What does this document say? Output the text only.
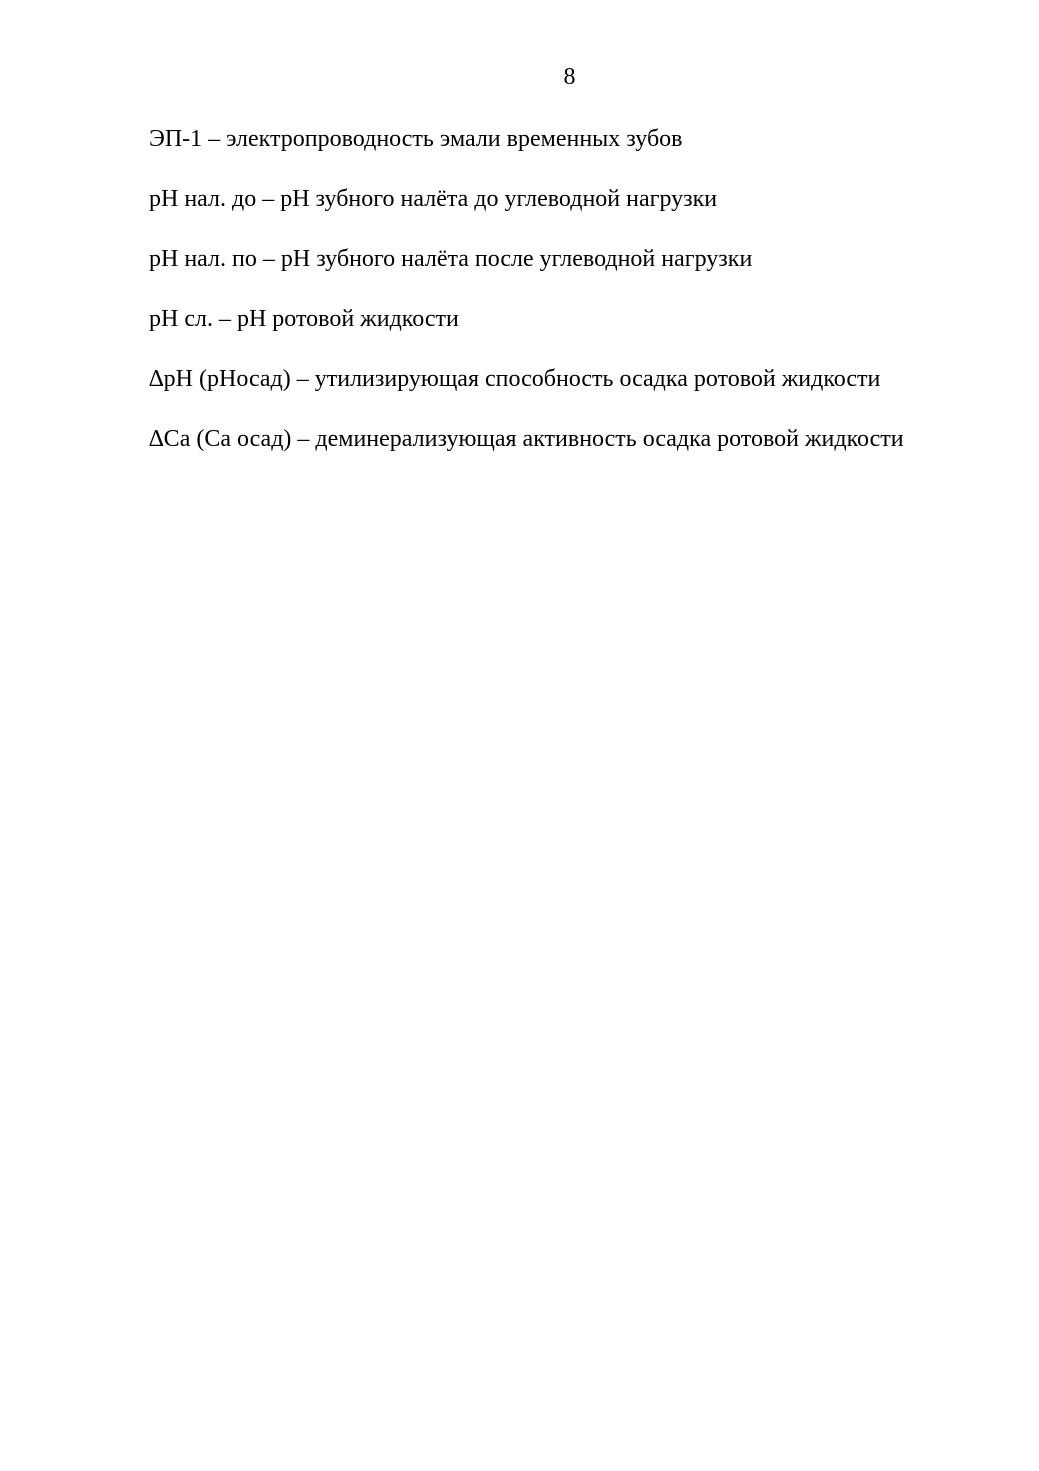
8
ЭП-1 – электропроводность эмали временных зубов
рН нал. до – рН зубного налёта до углеводной нагрузки
рН нал. по – рН зубного налёта после углеводной нагрузки
рН сл. – рН ротовой жидкости
∆рН (рНосад) – утилизирующая способность осадка ротовой жидкости
∆Са (Са осад) – деминерализующая активность осадка ротовой жидкости
